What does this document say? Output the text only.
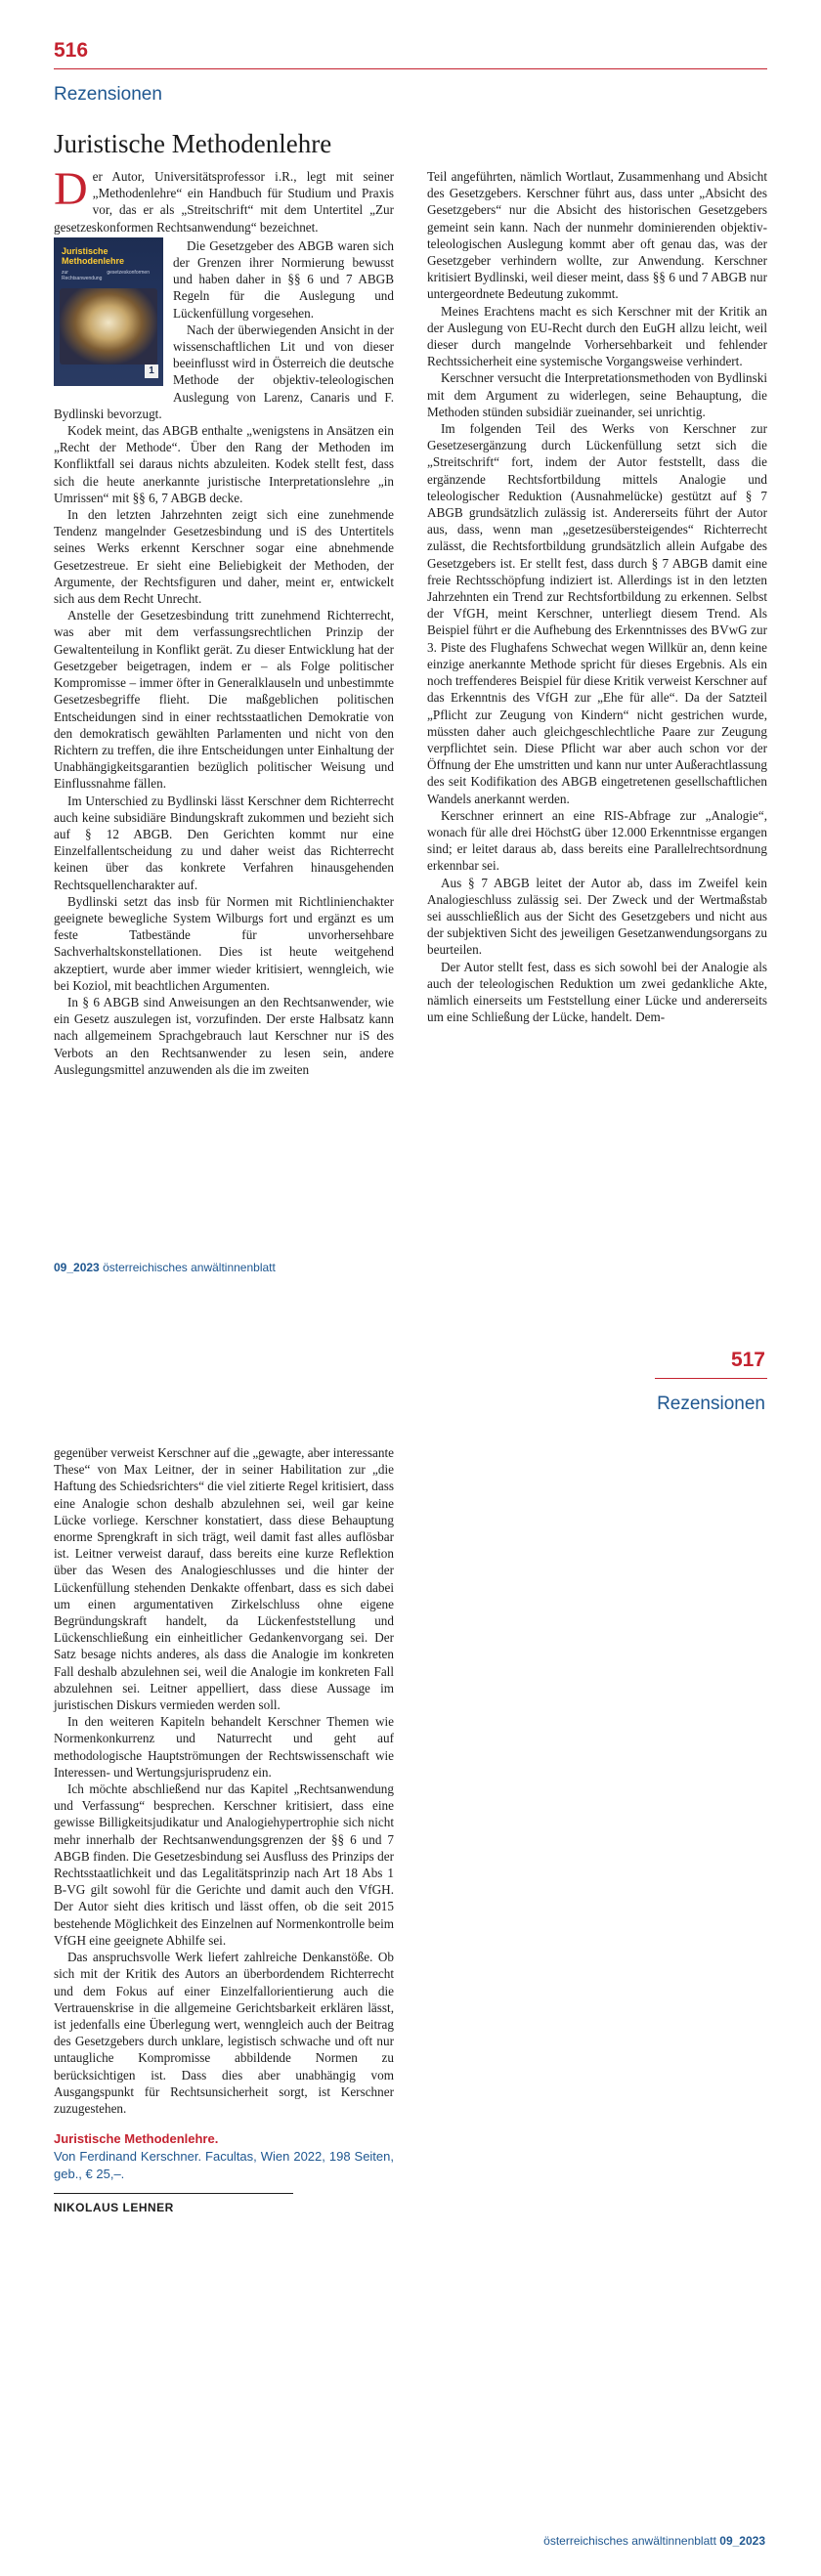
516
Rezensionen
Juristische Methodenlehre

Der Autor, Universitätsprofessor i.R., legt mit seiner „Methodenlehre“ ein Handbuch für Studium und Praxis vor, das er als „Streitschrift“ mit dem Untertitel „Zur gesetzeskonformen Rechtsanwendung“ bezeichnet.

Juristische
Methodenlehre
zur gesetzeskonformen Rechtsanwendung
1
Die Gesetzgeber des ABGB waren sich der Grenzen ihrer Normierung bewusst und haben daher in §§ 6 und 7 ABGB Regeln für die Auslegung und Lückenfüllung vorgesehen.

Nach der überwiegenden Ansicht in der wissenschaftlichen Lit und von dieser beeinflusst wird in Österreich die deutsche Methode der objektiv-teleologischen Auslegung von Larenz, Canaris und F. Bydlinski bevorzugt.

Kodek meint, das ABGB enthalte „wenigstens in Ansätzen ein „Recht der Methode“. Über den Rang der Methoden im Konfliktfall sei daraus nichts abzuleiten. Kodek stellt fest, dass sich die heute anerkannte juristische Interpretationslehre „in Umrissen“ mit §§ 6, 7 ABGB decke.

In den letzten Jahrzehnten zeigt sich eine zunehmende Tendenz mangelnder Gesetzesbindung und iS des Untertitels seines Werks erkennt Kerschner sogar eine abnehmende Gesetzestreue. Er sieht eine Beliebigkeit der Methoden, der Argumente, der Rechtsfiguren und daher, meint er, entwickelt sich aus dem Recht Unrecht.

Anstelle der Gesetzesbindung tritt zunehmend Richterrecht, was aber mit dem verfassungsrechtlichen Prinzip der Gewaltenteilung in Konflikt gerät. Zu dieser Entwicklung hat der Gesetzgeber beigetragen, indem er – als Folge politischer Kompromisse – immer öfter in Generalklauseln und unbestimmte Gesetzesbegriffe flieht. Die maßgeblichen politischen Entscheidungen sind in einer rechtsstaatlichen Demokratie von den demokratisch gewählten Parlamenten und nicht von den Richtern zu treffen, die ihre Entscheidungen unter Einhaltung der Unabhängigkeitsgarantien bezüglich politischer Weisung und Einflussnahme fällen.

Im Unterschied zu Bydlinski lässt Kerschner dem Richterrecht auch keine subsidiäre Bindungskraft zukommen und bezieht sich auf § 12 ABGB. Den Gerichten kommt nur eine Einzelfallentscheidung zu und daher weist das Richterrecht keinen über das konkrete Verfahren hinausgehenden Rechtsquellencharakter auf.

Bydlinski setzt das insb für Normen mit Richtlinienchakter geeignete bewegliche System Wilburgs fort und ergänzt es um feste Tatbestände für unvorhersehbare Sachverhaltskonstellationen. Dies ist heute weitgehend akzeptiert, wurde aber immer wieder kritisiert, wenngleich, wie bei Koziol, mit beachtlichen Argumenten.

In § 6 ABGB sind Anweisungen an den Rechtsanwender, wie ein Gesetz auszulegen ist, vorzufinden. Der erste Halbsatz kann nach allgemeinem Sprachgebrauch laut Kerschner nur iS des Verbots an den Rechtsanwender zu lesen sein, andere Auslegungsmittel anzuwenden als die im zweiten

Teil angeführten, nämlich Wortlaut, Zusammenhang und Absicht des Gesetzgebers. Kerschner führt aus, dass unter „Absicht des Gesetzgebers“ nur die Absicht des historischen Gesetzgebers gemeint sein kann. Nach der nunmehr dominierenden objektiv-teleologischen Auslegung kommt aber oft genau das, was der Gesetzgeber verhindern wollte, zur Anwendung. Kerschner kritisiert Bydlinski, weil dieser meint, dass §§ 6 und 7 ABGB nur untergeordnete Bedeutung zukommt.

Meines Erachtens macht es sich Kerschner mit der Kritik an der Auslegung von EU-Recht durch den EuGH allzu leicht, weil dieser durch mangelnde Vorhersehbarkeit und fehlender Rechtssicherheit eine systemische Vorgangsweise verhindert.

Kerschner versucht die Interpretationsmethoden von Bydlinski mit dem Argument zu widerlegen, seine Behauptung, die Methoden stünden subsidiär zueinander, sei unrichtig.

Im folgenden Teil des Werks von Kerschner zur Gesetzesergänzung durch Lückenfüllung setzt sich die „Streitschrift“ fort, indem der Autor feststellt, dass die ergänzende Rechtsfortbildung mittels Analogie und teleologischer Reduktion (Ausnahmelücke) gestützt auf § 7 ABGB grundsätzlich zulässig ist. Andererseits führt der Autor aus, dass, wenn man „gesetzesübersteigendes“ Richterrecht zulässt, die Rechtsfortbildung grundsätzlich allein Aufgabe des Gesetzgebers ist. Er stellt fest, dass durch § 7 ABGB damit eine freie Rechtsschöpfung indiziert ist. Allerdings ist in den letzten Jahrzehnten ein Trend zur Rechtsfortbildung zu erkennen. Selbst der VfGH, meint Kerschner, unterliegt diesem Trend. Als Beispiel führt er die Aufhebung des Erkenntnisses des BVwG zur 3. Piste des Flughafens Schwechat wegen Willkür an, denn keine einzige anerkannte Methode spricht für dieses Ergebnis. Als ein noch treffenderes Beispiel für diese Kritik verweist Kerschner auf das Erkenntnis des VfGH zur „Ehe für alle“. Da der Satzteil „Pflicht zur Zeugung von Kindern“ nicht gestrichen wurde, müssten daher auch gleichgeschlechtliche Paare zur Zeugung verpflichtet sein. Diese Pflicht war aber auch schon vor der Öffnung der Ehe umstritten und kann nur unter Außerachtlassung des seit Kodifikation des ABGB eingetretenen gesellschaftlichen Wandels anerkannt werden.

Kerschner erinnert an eine RIS-Abfrage zur „Analogie“, wonach für alle drei HöchstG über 12.000 Erkenntnisse ergangen sind; er leitet daraus ab, dass bereits eine Parallelrechtsordnung erkennbar sei.

Aus § 7 ABGB leitet der Autor ab, dass im Zweifel kein Analogieschluss zulässig sei. Der Zweck und der Wertmaßstab sei ausschließlich aus der Sicht des Gesetzgebers und nicht aus der subjektiven Sicht des jeweiligen Gesetzanwendungsorgans zu beurteilen.

Der Autor stellt fest, dass es sich sowohl bei der Analogie als auch der teleologischen Reduktion um zwei gedankliche Akte, nämlich einerseits um Feststellung einer Lücke und andererseits um eine Schließung der Lücke, handelt. Dem-

09_2023 österreichisches anwältinnenblatt
517
Rezensionen

gegenüber verweist Kerschner auf die „gewagte, aber interessante These“ von Max Leitner, der in seiner Habilitation zur „die Haftung des Schiedsrichters“ die viel zitierte Regel kritisiert, dass eine Analogie schon deshalb abzulehnen sei, weil gar keine Lücke vorliege. Kerschner konstatiert, dass diese Behauptung enorme Sprengkraft in sich trägt, weil damit fast alles auflösbar ist. Leitner verweist darauf, dass bereits eine kurze Reflektion über das Wesen des Analogieschlusses und die hinter der Lückenfüllung stehenden Denkakte offenbart, dass es sich dabei um einen argumentativen Zirkelschluss ohne eigene Begründungskraft handelt, da Lückenfeststellung und Lückenschließung ein einheitlicher Gedankenvorgang sei. Der Satz besage nichts anderes, als dass die Analogie im konkreten Fall deshalb abzulehnen sei, weil die Analogie im konkreten Fall abzulehnen sei. Leitner appelliert, dass diese Aussage im juristischen Diskurs vermieden werden soll.

In den weiteren Kapiteln behandelt Kerschner Themen wie Normenkonkurrenz und Naturrecht und geht auf methodologische Hauptströmungen der Rechtswissenschaft wie Interessen- und Wertungsjurisprudenz ein.

Ich möchte abschließend nur das Kapitel „Rechtsanwendung und Verfassung“ besprechen. Kerschner kritisiert, dass eine gewisse Billigkeitsjudikatur und Analogiehypertrophie sich nicht mehr innerhalb der Rechtsanwendungsgrenzen der §§ 6 und 7 ABGB finden. Die Gesetzesbindung sei Ausfluss des Prinzips der Rechtsstaatlichkeit und das Legalitätsprinzip nach Art 18 Abs 1 B-VG gilt sowohl für die Gerichte und damit auch den VfGH. Der Autor sieht dies kritisch und lässt offen, ob die seit 2015 bestehende Möglichkeit des Einzelnen auf Normenkontrolle beim VfGH eine geeignete Abhilfe sei.

Das anspruchsvolle Werk liefert zahlreiche Denkanstöße. Ob sich mit der Kritik des Autors an überbordendem Richterrecht und dem Fokus auf einer Einzelfallorientierung auch die Vertrauenskrise in die allgemeine Gerichtsbarkeit erklären lässt, ist jedenfalls eine Überlegung wert, wenngleich auch der Beitrag des Gesetzgebers durch unklare, legistisch schwache und oft nur untaugliche Kompromisse abbildende Normen zu berücksichtigen ist. Dass dies aber unabhängig vom Ausgangspunkt für Rechtsunsicherheit sorgt, ist Kerschner zuzugestehen.

Juristische Methodenlehre.
Von Ferdinand Kerschner. Facultas, Wien 2022, 198 Seiten, geb., € 25,–.
NIKOLAUS LEHNER
österreichisches anwältinnenblatt 09_2023
